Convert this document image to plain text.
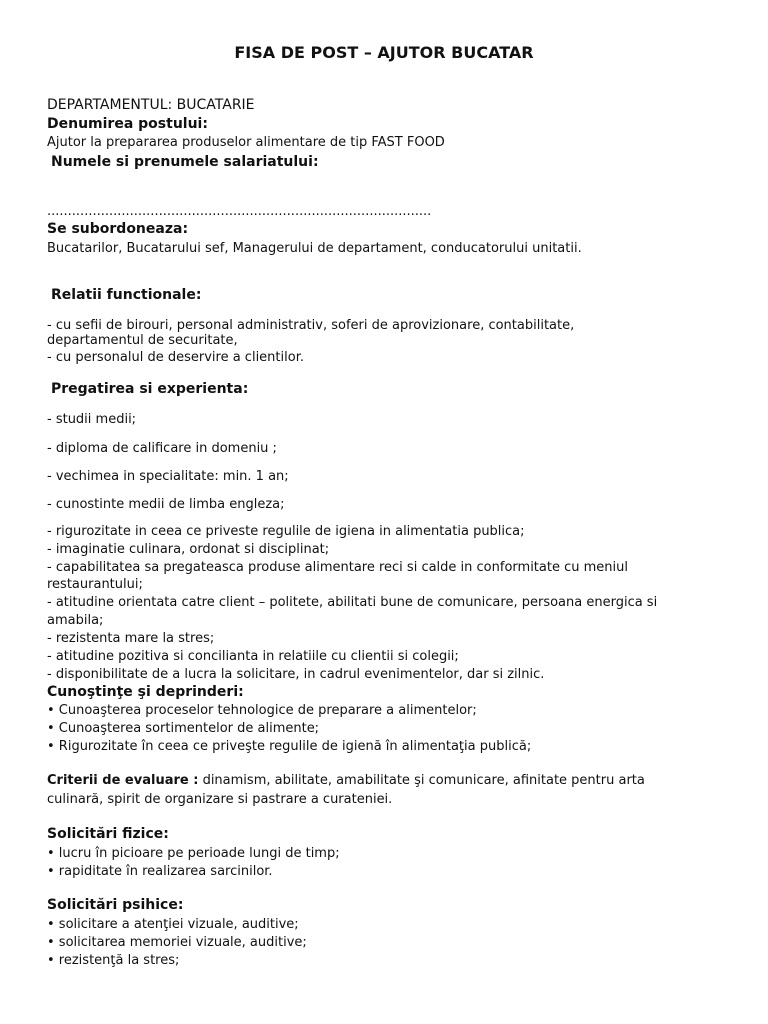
FISA DE POST – AJUTOR BUCATAR
DEPARTAMENTUL: BUCATARIE
Denumirea postului:
Ajutor la prepararea produselor alimentare de tip FAST FOOD
Numele si prenumele salariatului:
.............................................................................................
Se subordoneaza:
Bucatarilor, Bucatarului sef, Managerului de departament, conducatorului unitatii.
Relatii functionale:
- cu sefii de birouri, personal administrativ, soferi de aprovizionare, contabilitate,
departamentul de securitate,
- cu personalul de deservire a clientilor.
Pregatirea si experienta:
- studii medii;
- diploma de calificare in domeniu ;
- vechimea in specialitate: min. 1 an;
- cunostinte medii de limba engleza;
- rigurozitate in ceea ce priveste regulile de igiena in alimentatia publica;
- imaginatie culinara, ordonat si disciplinat;
- capabilitatea sa pregateasca produse alimentare reci si calde in conformitate cu meniul
restaurantului;
- atitudine orientata catre client – politete, abilitati bune de comunicare, persoana energica si
amabila;
- rezistenta mare la stres;
- atitudine pozitiva si concilianta in relatiile cu clientii si colegii;
- disponibilitate de a lucra la solicitare, in cadrul evenimentelor, dar si zilnic.
Cunoştinţe şi deprinderi:
• Cunoaşterea proceselor tehnologice de preparare a alimentelor;
• Cunoaşterea sortimentelor de alimente;
• Rigurozitate în ceea ce priveşte regulile de igienă în alimentaţia publică;
Criterii de evaluare : dinamism, abilitate, amabilitate şi comunicare, afinitate pentru arta
culinară, spirit de organizare si pastrare a curateniei.
Solicitări fizice:
• lucru în picioare pe perioade lungi de timp;
• rapiditate în realizarea sarcinilor.
Solicitări psihice:
• solicitare a atenţiei vizuale, auditive;
• solicitarea memoriei vizuale, auditive;
• rezistenţă la stres;
